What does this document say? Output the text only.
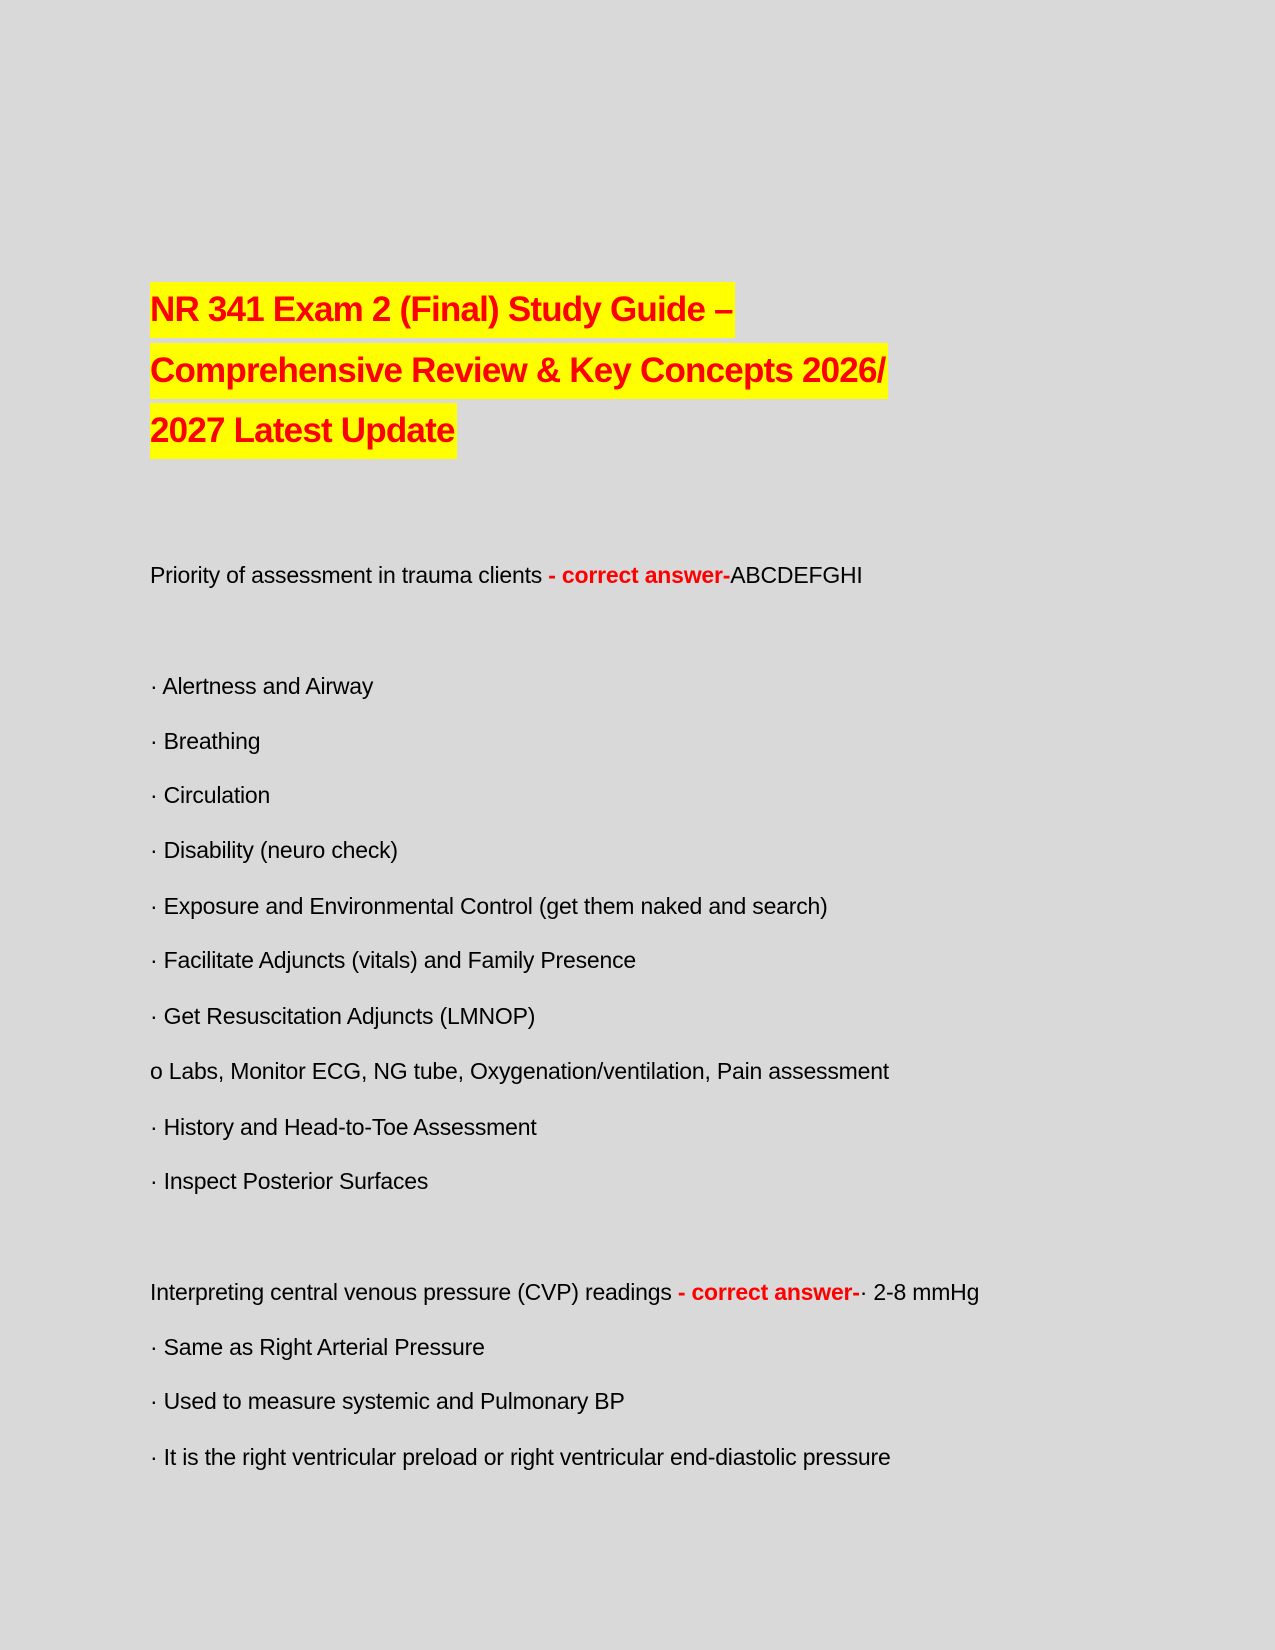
NR 341 Exam 2 (Final) Study Guide –
Comprehensive Review & Key Concepts 2026/
2027 Latest Update
Priority of assessment in trauma clients - correct answer-ABCDEFGHI
· Alertness and Airway
· Breathing
· Circulation
· Disability (neuro check)
· Exposure and Environmental Control (get them naked and search)
· Facilitate Adjuncts (vitals) and Family Presence
· Get Resuscitation Adjuncts (LMNOP)
o Labs, Monitor ECG, NG tube, Oxygenation/ventilation, Pain assessment
· History and Head-to-Toe Assessment
· Inspect Posterior Surfaces
Interpreting central venous pressure (CVP) readings - correct answer-· 2-8 mmHg
· Same as Right Arterial Pressure
· Used to measure systemic and Pulmonary BP
· It is the right ventricular preload or right ventricular end-diastolic pressure
